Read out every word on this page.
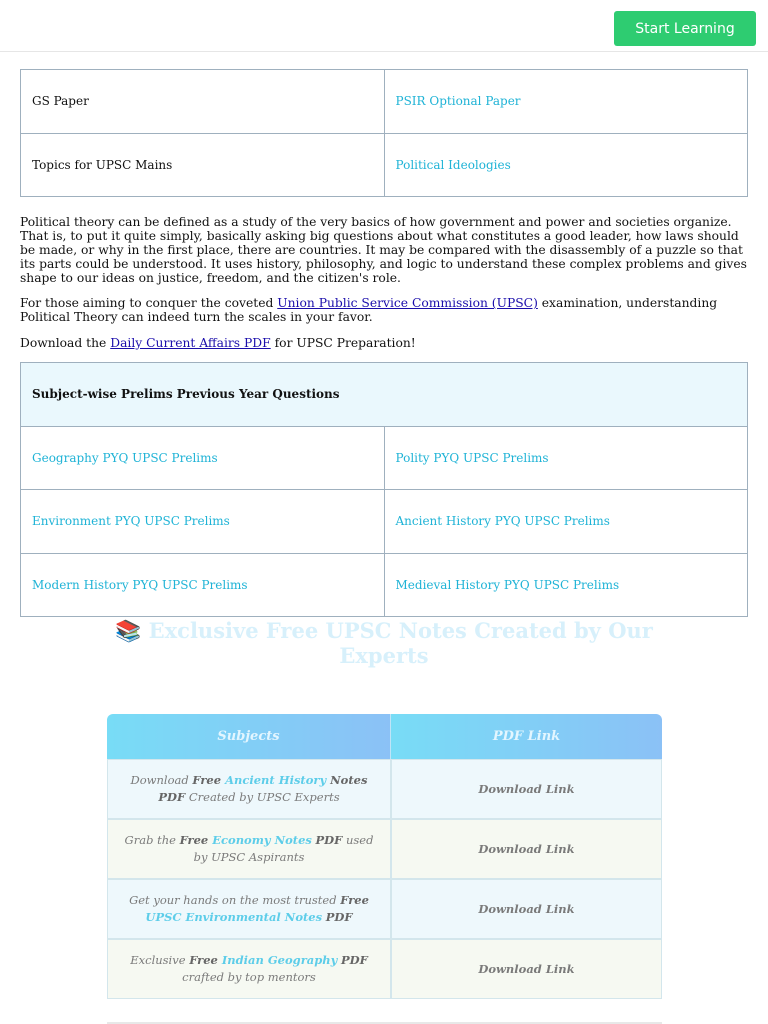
Start Learning
GS Paper	PSIR Optional Paper
Topics for UPSC Mains	Political Ideologies

Political theory can be defined as a study of the very basics of how government and power and societies organize. That is, to put it quite simply, basically asking big questions about what constitutes a good leader, how laws should be made, or why in the first place, there are countries. It may be compared with the disassembly of a puzzle so that its parts could be understood. It uses history, philosophy, and logic to understand these complex problems and gives shape to our ideas on justice, freedom, and the citizen's role.

For those aiming to conquer the coveted Union Public Service Commission (UPSC) examination, understanding Political Theory can indeed turn the scales in your favor.

Download the Daily Current Affairs PDF for UPSC Preparation!

Subject-wise Prelims Previous Year Questions	
Geography PYQ UPSC Prelims	Polity PYQ UPSC Prelims
Environment PYQ UPSC Prelims	Ancient History PYQ UPSC Prelims
Modern History PYQ UPSC Prelims	Medieval History PYQ UPSC Prelims
📚 Exclusive Free UPSC Notes Created by Our Experts
Subjects	PDF Link
Download Free Ancient History Notes PDF Created by UPSC Experts	Download Link
Grab the Free Economy Notes PDF used by UPSC Aspirants	Download Link
Get your hands on the most trusted Free UPSC Environmental Notes PDF	Download Link
Exclusive Free Indian Geography PDF crafted by top mentors	Download Link
